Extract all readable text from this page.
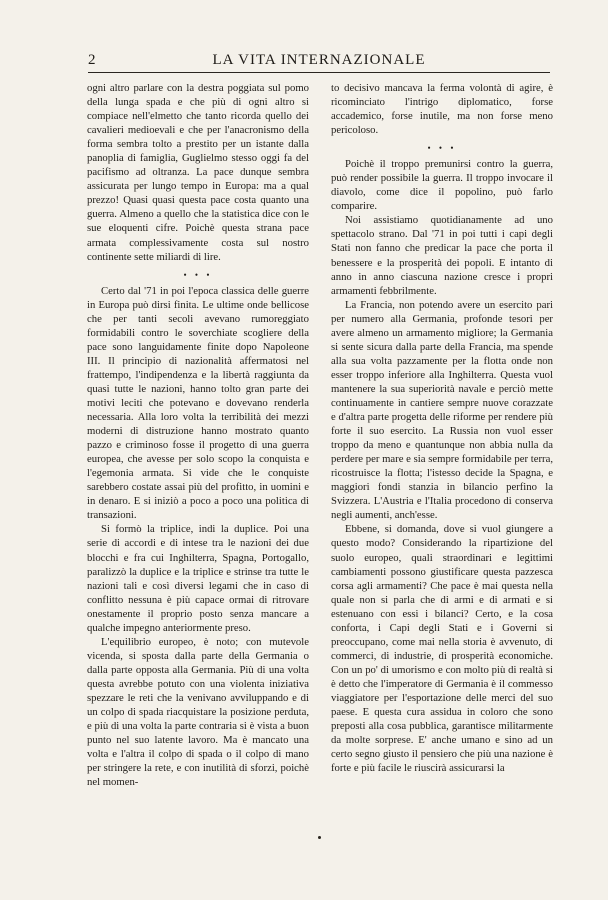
2	LA VITA INTERNAZIONALE

ogni altro parlare con la destra poggiata sul pomo della lunga spada e che più di ogni altro si compiace nell'elmetto che tanto ricorda quello dei cavalieri medioevali e che per l'anacronismo della forma sembra tolto a prestito per un istante dalla panoplia di famiglia, Guglielmo stesso oggi fa del pacifismo ad oltranza. La pace dunque sembra assicurata per lungo tempo in Europa: ma a qual prezzo! Quasi quasi questa pace costa quanto una guerra. Almeno a quello che la statistica dice con le sue eloquenti cifre. Poichè questa strana pace armata complessivamente costa sul nostro continente sette miliardi di lire.

• • •

Certo dal '71 in poi l'epoca classica delle guerre in Europa può dirsi finita. Le ultime onde bellicose che per tanti secoli avevano rumoreggiato formidabili contro le soverchiate scogliere della pace sono languidamente finite dopo Napoleone III. Il principio di nazionalità affermatosi nel frattempo, l'indipendenza e la libertà raggiunta da quasi tutte le nazioni, hanno tolto gran parte dei motivi leciti che potevano e dovevano renderla necessaria. Alla loro volta la terribilità dei mezzi moderni di distruzione hanno mostrato quanto pazzo e criminoso fosse il progetto di una guerra europea, che avesse per solo scopo la conquista e l'egemonia armata. Si vide che le conquiste sarebbero costate assai più del profitto, in uomini e in denaro. E si iniziò a poco a poco una politica di transazioni.

Si formò la triplice, indi la duplice. Poi una serie di accordi e di intese tra le nazioni dei due blocchi e fra cui Inghilterra, Spagna, Portogallo, paralizzò la duplice e la triplice e strinse tra tutte le nazioni tali e così diversi legami che in caso di conflitto nessuna è più capace ormai di ritrovare onestamente il proprio posto senza mancare a qualche impegno anteriormente preso.

L'equilibrio europeo, è noto; con mutevole vicenda, si sposta dalla parte della Germania o dalla parte opposta alla Germania. Più di una volta questa avrebbe potuto con una violenta iniziativa spezzare le reti che la venivano avviluppando e di un colpo di spada riacquistare la posizione perduta, e più di una volta la parte contraria si è vista a buon punto nel suo latente lavoro. Ma è mancato una volta e l'altra il colpo di spada o il colpo di mano per stringere la rete, e con inutilità di sforzi, poichè nel momen-

to decisivo mancava la ferma volontà di agire, è ricominciato l'intrigo diplomatico, forse accademico, forse inutile, ma non forse meno pericoloso.

• • •

Poichè il troppo premunirsi contro la guerra, può render possibile la guerra. Il troppo invocare il diavolo, come dice il popolino, può farlo comparire.

Noi assistiamo quotidianamente ad uno spettacolo strano. Dal '71 in poi tutti i capi degli Stati non fanno che predicar la pace che porta il benessere e la prosperità dei popoli. E intanto di anno in anno ciascuna nazione cresce i propri armamenti febbrilmente.

La Francia, non potendo avere un esercito pari per numero alla Germania, profonde tesori per avere almeno un armamento migliore; la Germania si sente sicura dalla parte della Francia, ma spende alla sua volta pazzamente per la flotta onde non esser troppo inferiore alla Inghilterra. Questa vuol mantenere la sua superiorità navale e perciò mette continuamente in cantiere sempre nuove corazzate e d'altra parte progetta delle riforme per rendere più forte il suo esercito. La Russia non vuol esser troppo da meno e quantunque non abbia nulla da perdere per mare e sia sempre formidabile per terra, ricostruisce la flotta; l'istesso decide la Spagna, e maggiori fondi stanzia in bilancio perfino la Svizzera. L'Austria e l'Italia procedono di conserva negli aumenti, anch'esse.

Ebbene, si domanda, dove si vuol giungere a questo modo? Considerando la ripartizione del suolo europeo, quali straordinari e legittimi cambiamenti possono giustificare questa pazzesca corsa agli armamenti? Che pace è mai questa nella quale non si parla che di armi e di armati e si estenuano con essi i bilanci? Certo, e la cosa conforta, i Capi degli Stati e i Governi si preoccupano, come mai nella storia è avvenuto, di commerci, di industrie, di prosperità economiche. Con un po' di umorismo e con molto più di realtà si è detto che l'imperatore di Germania è il commesso viaggiatore per l'esportazione delle merci del suo paese. E questa cura assidua in coloro che sono preposti alla cosa pubblica, garantisce militarmente da molte sorprese. E' anche umano e sino ad un certo segno giusto il pensiero che più una nazione è forte e più facile le riuscirà assicurarsi la
